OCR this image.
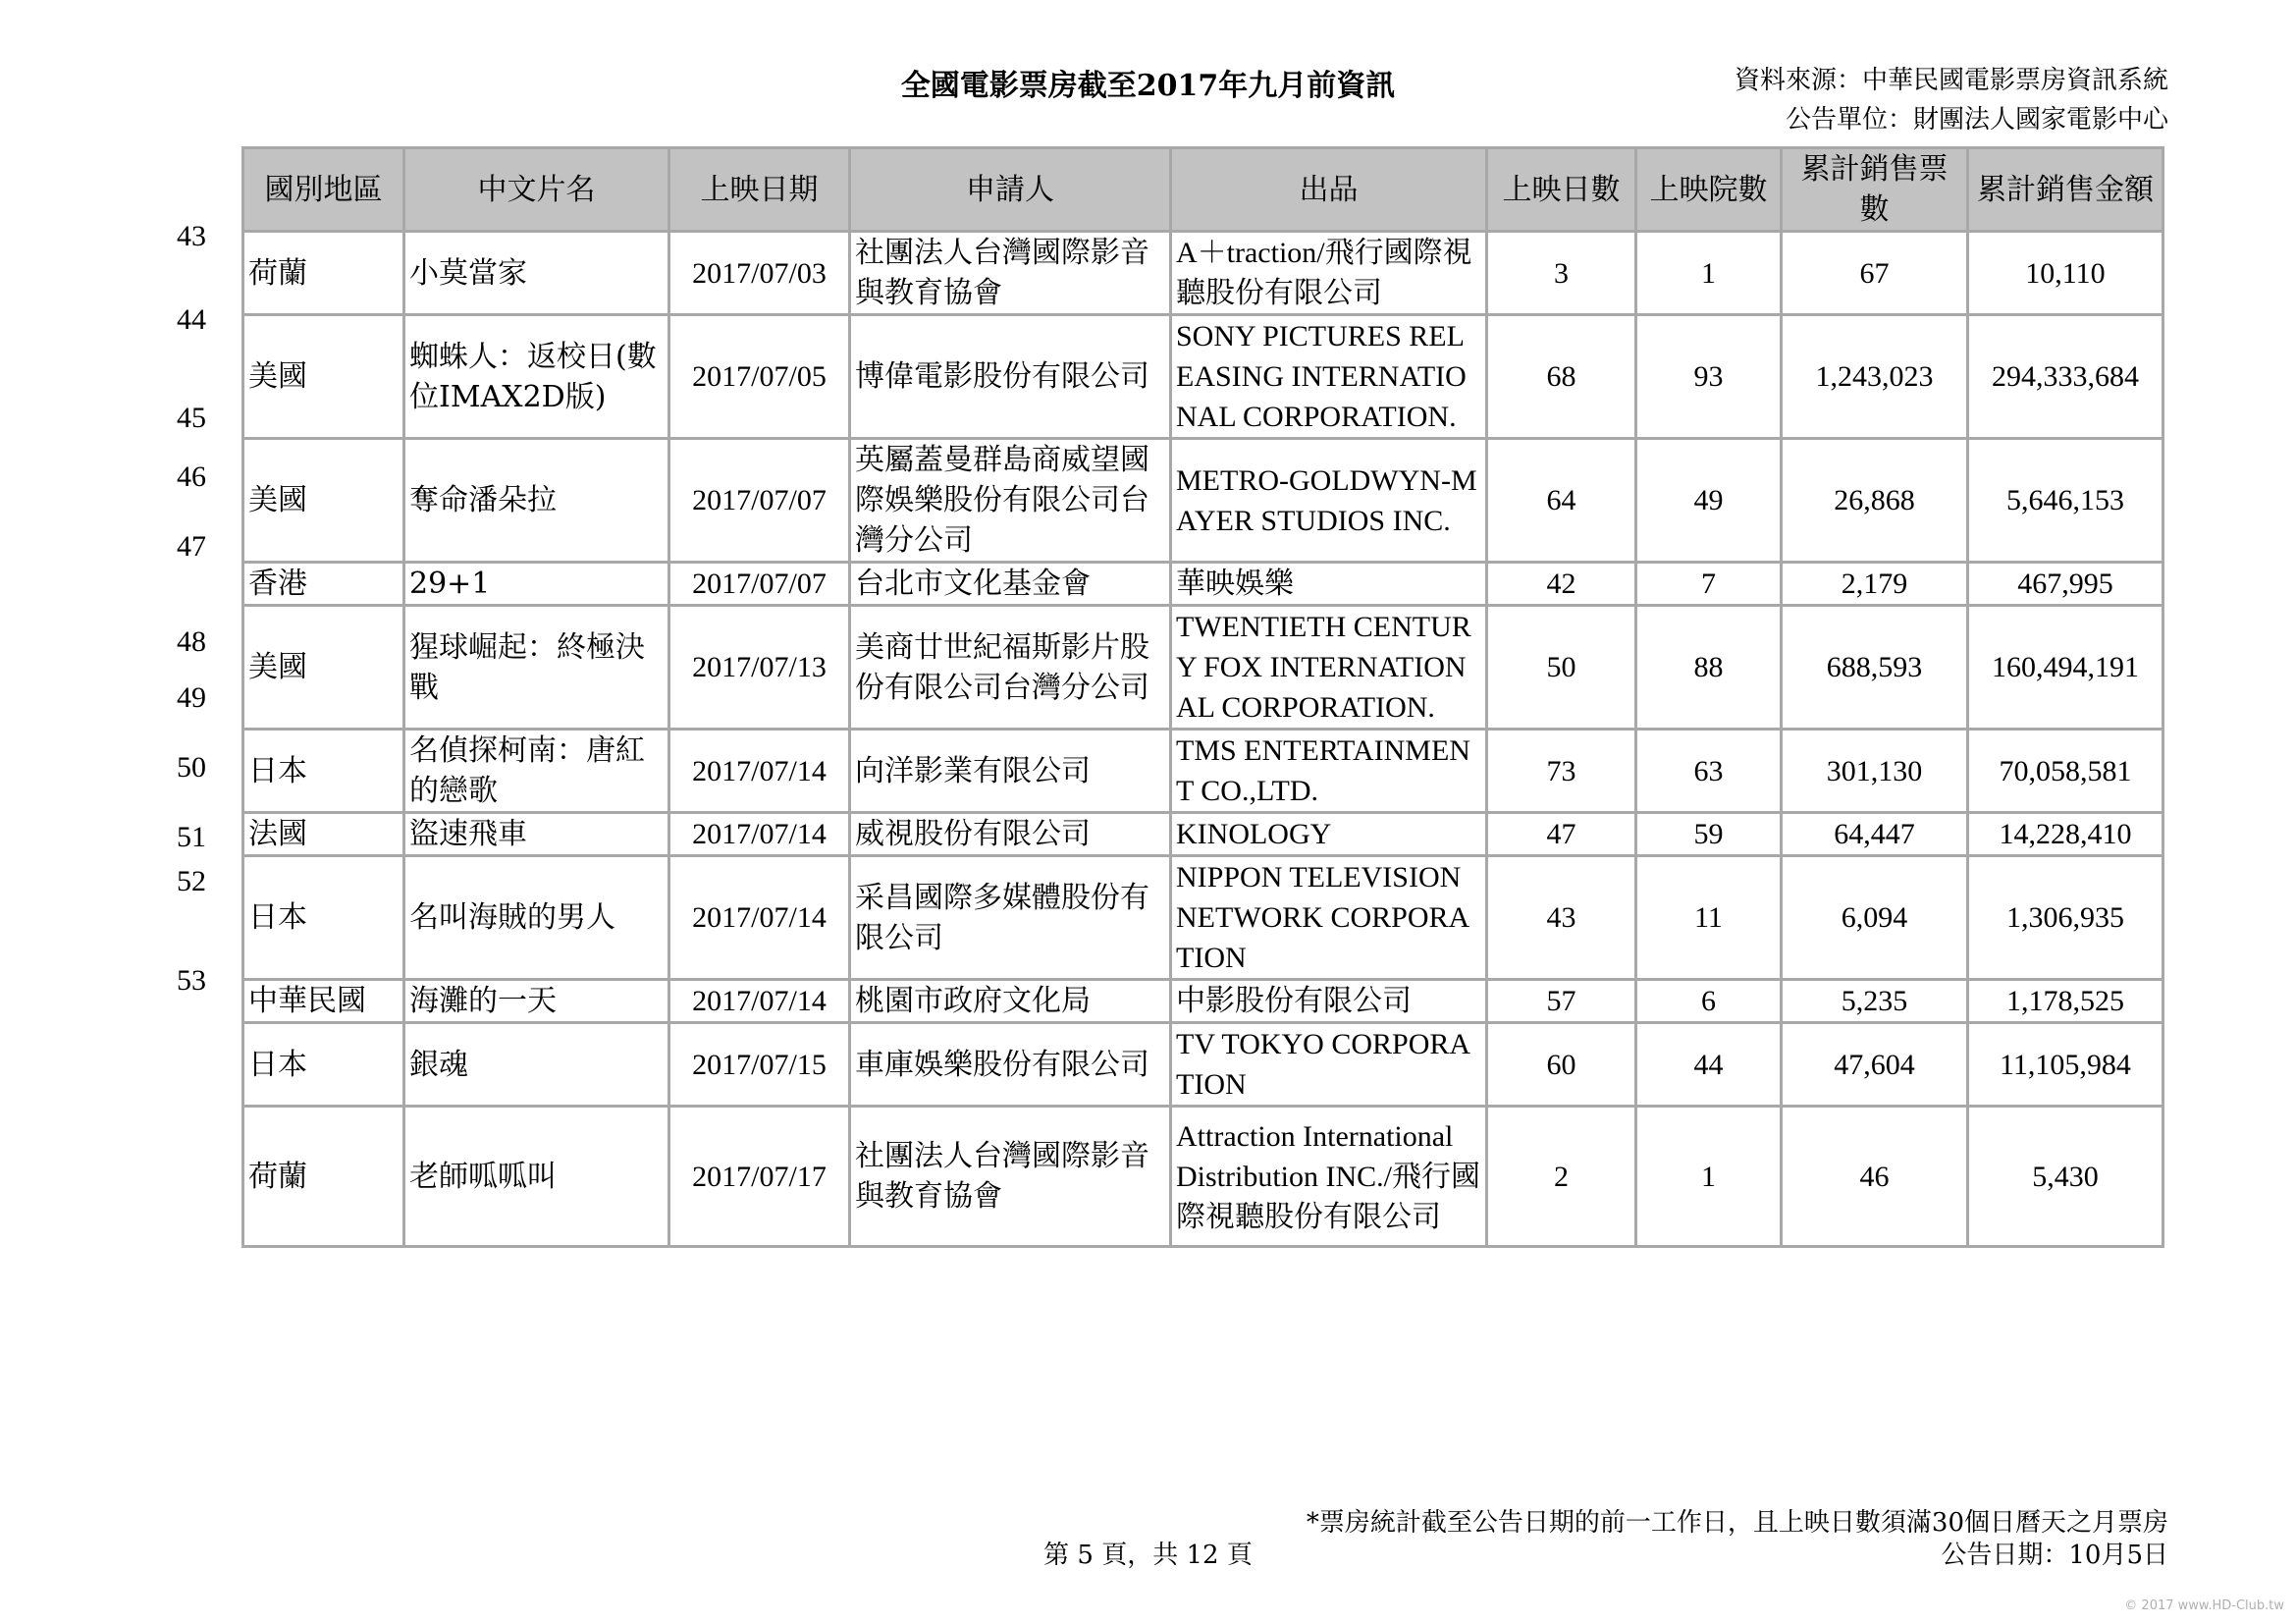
全國電影票房截至2017年九月前資訊	資料來源：中華民國電影票房資訊系統
公告單位：財團法人國家電影中心
43
44
45
46
47
48
49
50
51
52
53
國別地區	中文片名	上映日期	申請人	出品	上映日數	上映院數	累計銷售票數	累計銷售金額
荷蘭	小莫當家	2017/07/03	社團法人台灣國際影音與教育協會	A＋traction/飛行國際視聽股份有限公司	3	1	67	10,110
美國	蜘蛛人：返校日(數位IMAX2D版)	2017/07/05	博偉電影股份有限公司	SONY PICTURES RELEASING INTERNATIONAL CORPORATION.	68	93	1,243,023	294,333,684
美國	奪命潘朵拉	2017/07/07	英屬蓋曼群島商威望國際娛樂股份有限公司台灣分公司	METRO-GOLDWYN-MAYER STUDIOS INC.	64	49	26,868	5,646,153
香港	29+1	2017/07/07	台北市文化基金會	華映娛樂	42	7	2,179	467,995
美國	猩球崛起：終極決戰	2017/07/13	美商廿世紀福斯影片股份有限公司台灣分公司	TWENTIETH CENTURY FOX INTERNATIONAL CORPORATION.	50	88	688,593	160,494,191
日本	名偵探柯南：唐紅的戀歌	2017/07/14	向洋影業有限公司	TMS ENTERTAINMENT CO.,LTD.	73	63	301,130	70,058,581
法國	盜速飛車	2017/07/14	威視股份有限公司	KINOLOGY	47	59	64,447	14,228,410
日本	名叫海賊的男人	2017/07/14	采昌國際多媒體股份有限公司	NIPPON TELEVISION NETWORK CORPORATION	43	11	6,094	1,306,935
中華民國	海灘的一天	2017/07/14	桃園市政府文化局	中影股份有限公司	57	6	5,235	1,178,525
日本	銀魂	2017/07/15	車庫娛樂股份有限公司	TV TOKYO CORPORATION	60	44	47,604	11,105,984
荷蘭	老師呱呱叫	2017/07/17	社團法人台灣國際影音與教育協會	Attraction International Distribution INC./飛行國際視聽股份有限公司	2	1	46	5,430
*票房統計截至公告日期的前一工作日，且上映日數須滿30個日曆天之月票房
第 5 頁，共 12 頁	公告日期：10月5日
© 2017 www.HD-Club.tw
